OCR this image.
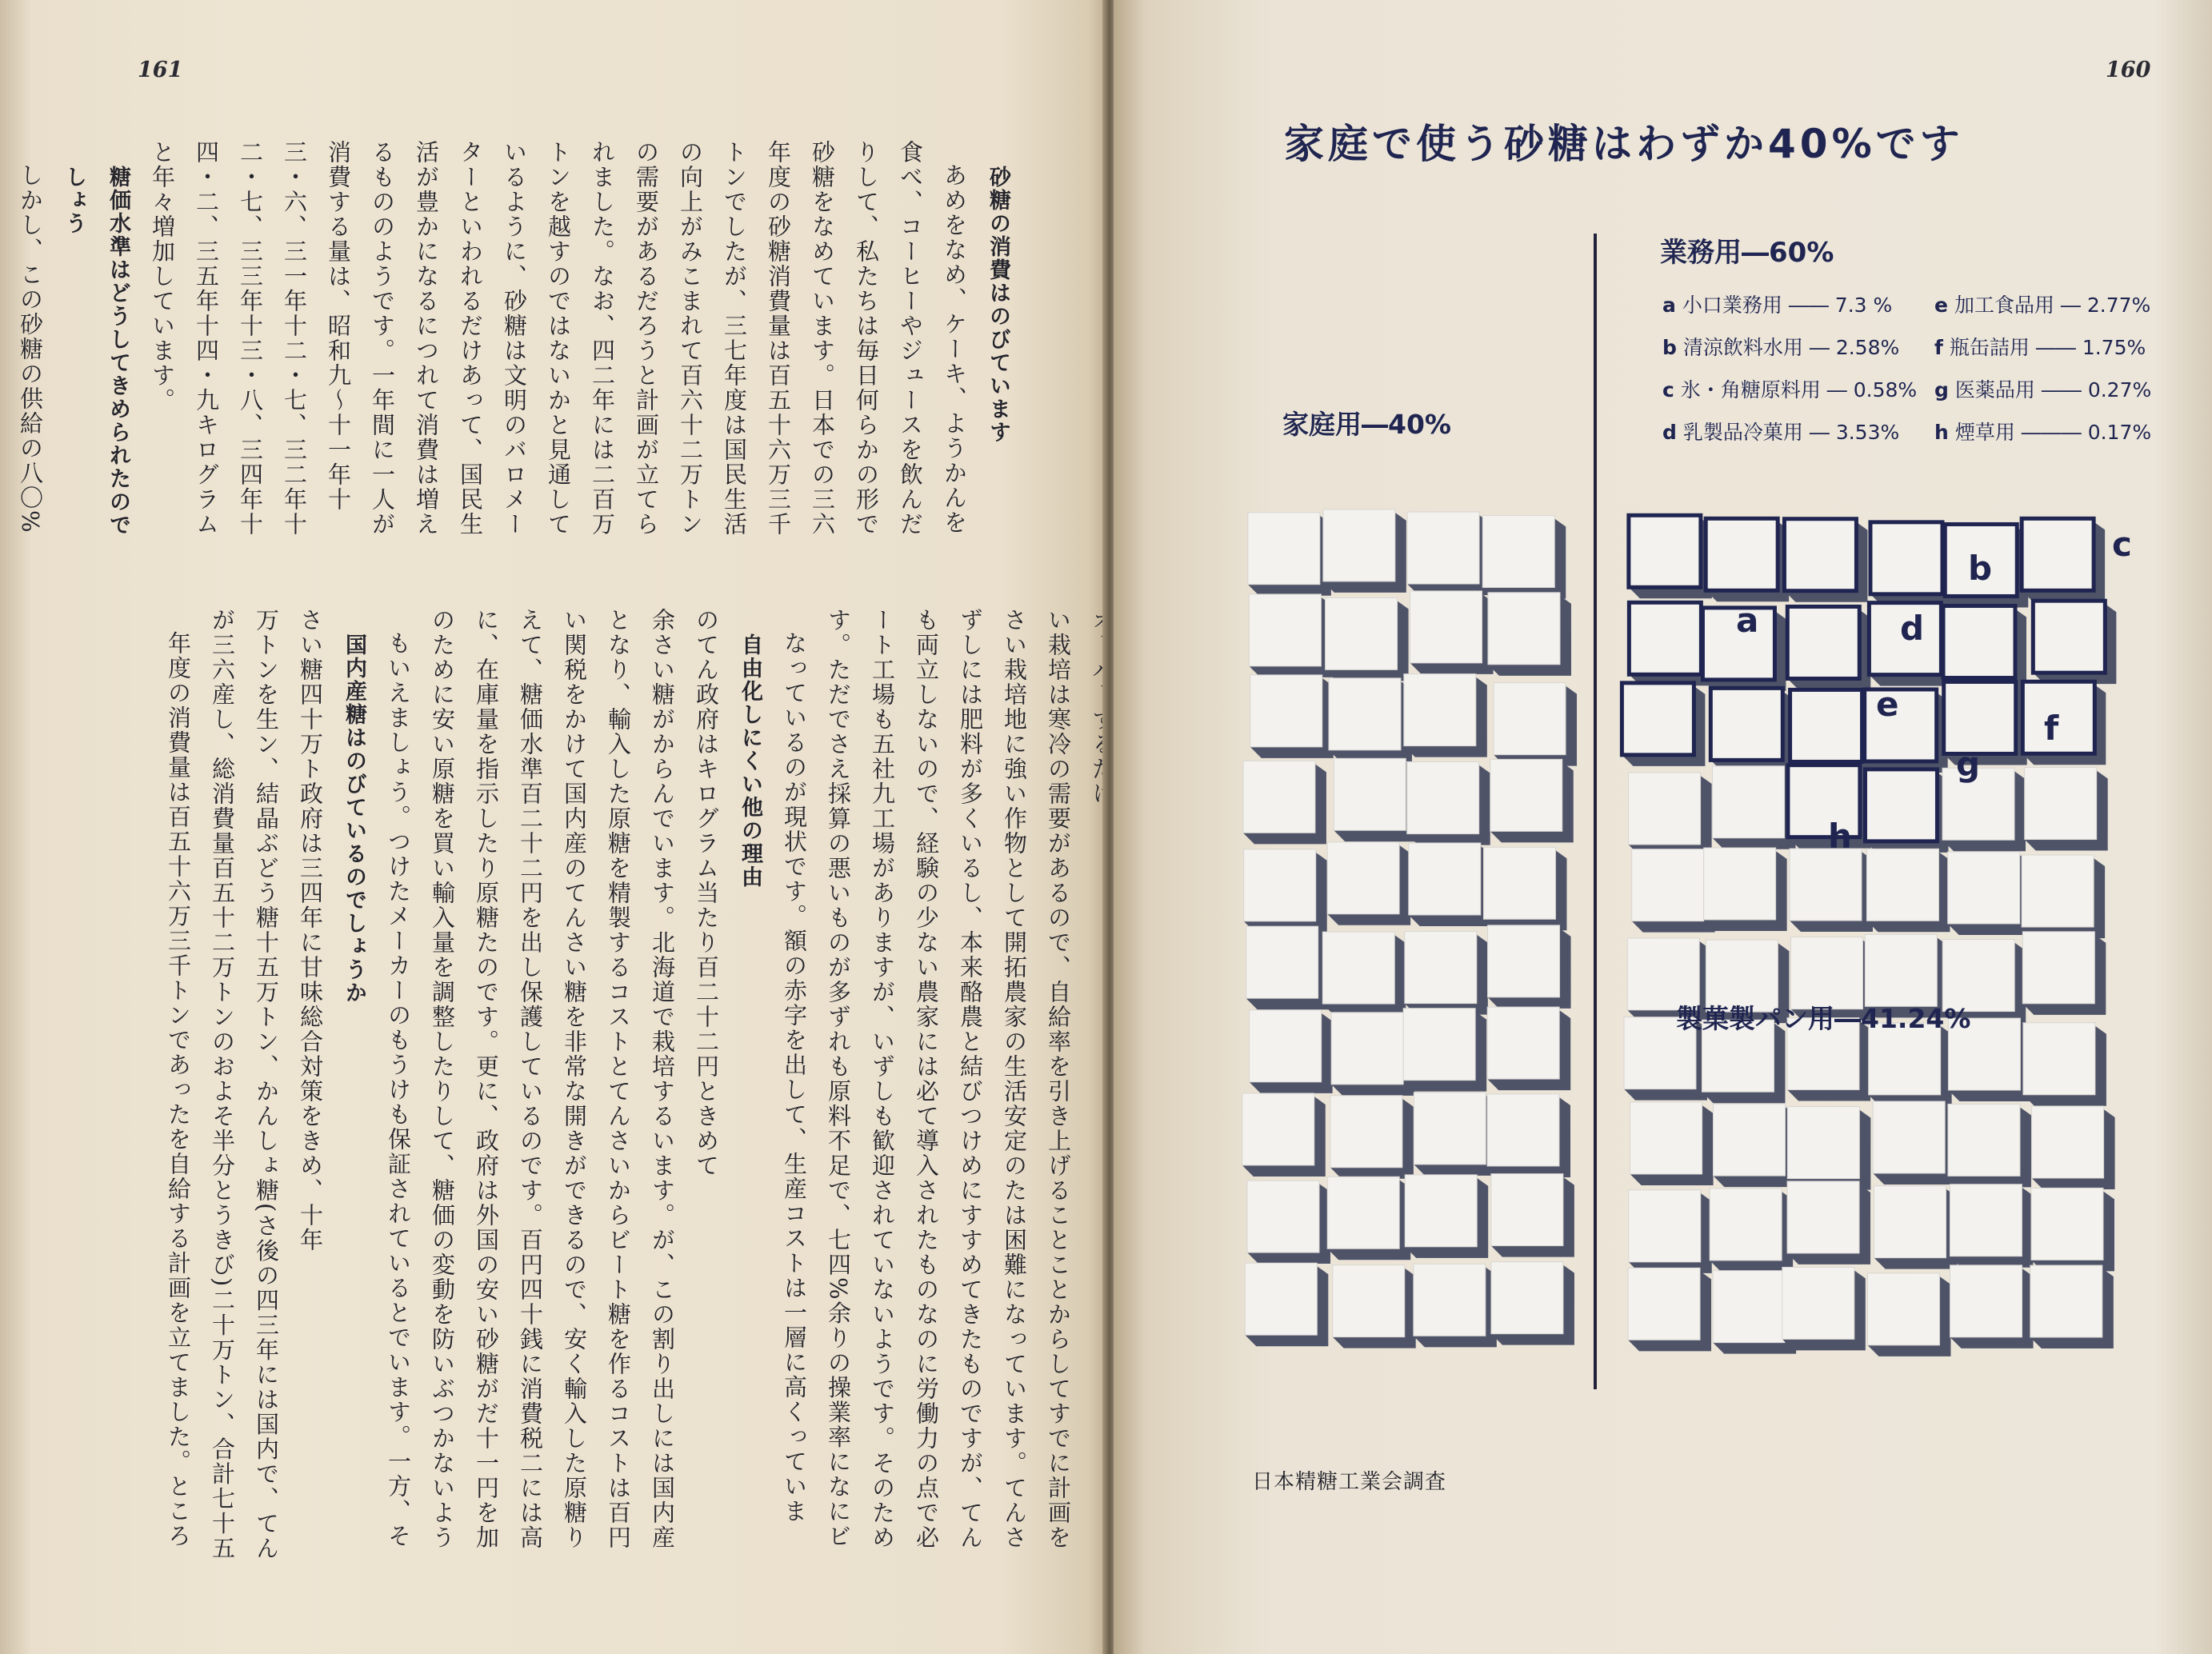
161

砂糖の消費はのびています

あめをなめ、ケーキ、ようかんを食べ、コーヒーやジュースを飲んだりして、私たちは毎日何らかの形で砂糖をなめています。日本での三六年度の砂糖消費量は百五十六万三千トンでしたが、三七年度は国民生活の向上がみこまれて百六十二万トンの需要があるだろうと計画が立てられました。なお、四二年には二百万トンを越すのではないかと見通しているように、砂糖は文明のバロメーターといわれるだけあって、国民生活が豊かになるにつれて消費は増えるもののようです。一年間に一人が消費する量は、昭和九〜十一年十三・六、三一年十二・七、三二年十二・七、三三年十三・八、三四年十四・二、三五年十四・九キログラムと年々増加しています。

糖価水準はどうしてきめられたのでしょう

しかし、この砂糖の供給の八〇%

年度の消費量は百五十六万三千トンであったを自給する計画を立てました。ところが三六産し、総消費量百五十二万トンのおよそ半分とうきび)二十万トン、合計七十五万トンを生ン、結晶ぶどう糖十五万トン、かんしょ糖(さ後の四三年には国内で、てんさい糖四十万ト政府は三四年に甘味総合対策をきめ、十年 国内産糖はのびているのでしょうか もいえましょう。つけたメーカーのもうけも保証されているとでいます。一方、そのために安い原糖を買い輸入量を調整したりして、糖価の変動を防いぶつかないように、在庫量を指示したり原糖たのです。更に、政府は外国の安い砂糖がだ十一円を加えて、糖価水準百二十二円を出し保護しているのです。百円四十銭に消費税二には高い関税をかけて国内産のてんさい糖を非常な開きができるので、安く輸入した原糖りとなり、輸入した原糖を精製するコストとてんさいからビート糖を作るコストは百円余さい糖がからんでいます。北海道で栽培するいます。が、この割り出しには国内産のてん政府はキログラム当たり百二十二円ときめて 自由化しにくい他の理由 なっているのが現状です。額の赤字を出して、生産コストは一層に高くっています。ただでさえ採算の悪いものが多ずれも原料不足で、七四%余りの操業率になにビート工場も五社九工場がありますが、いずしも歓迎されていないようです。そのためも両立しないので、経験の少ない農家には必て導入されたものなのに労働力の点で必ずしには肥料が多くいるし、本来酪農と結びつけめにすすめてきたものですが、てんさい栽培地に強い作物として開拓農家の生活安定のたは困難になっています。てんさい栽培は寒冷の需要があるので、自給率を引き上げることことからしてすでに計画を

160
a
b
c
d
e
f
g
h
家庭で使う砂糖はわずか40%です
家庭用―40%
業務用―60%
a 小口業務用 ―― 7.3 %
b 清涼飲料水用 ― 2.58%
c 氷・角糖原料用 ― 0.58%
d 乳製品冷菓用 ― 3.53%
e 加工食品用 ― 2.77%
f 瓶缶詰用 ―― 1.75%
g 医薬品用 ―― 0.27%
h 煙草用 ――― 0.17%
製菓製パン用―41.24%
日本精糖工業会調査
